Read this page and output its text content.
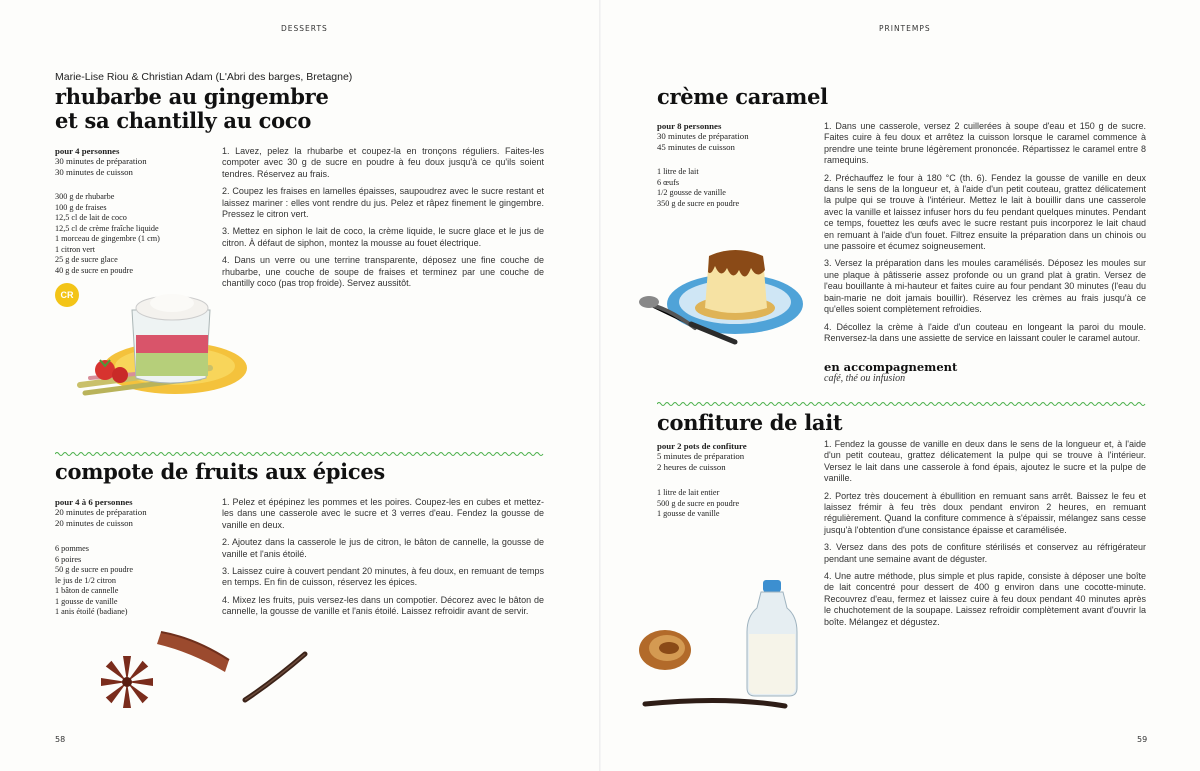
DESSERTS
Marie-Lise Riou & Christian Adam (L'Abri des barges, Bretagne)
rhubarbe au gingembre
et sa chantilly au coco
pour 4 personnes
30 minutes de préparation
30 minutes de cuisson
300 g de rhubarbe
100 g de fraises
12,5 cl de lait de coco
12,5 cl de crème fraîche liquide
1 morceau de gingembre (1 cm)
1 citron vert
25 g de sucre glace
40 g de sucre en poudre
CR

1. Lavez, pelez la rhubarbe et coupez-la en tronçons réguliers. Faites-les compoter avec 30 g de sucre en poudre à feu doux jusqu'à ce qu'ils soient tendres. Réservez au frais.

2. Coupez les fraises en lamelles épaisses, saupoudrez avec le sucre restant et laissez mariner : elles vont rendre du jus. Pelez et râpez finement le gingembre. Pressez le citron vert.

3. Mettez en siphon le lait de coco, la crème liquide, le sucre glace et le jus de citron. À défaut de siphon, montez la mousse au fouet électrique.

4. Dans un verre ou une terrine transparente, déposez une fine couche de rhubarbe, une couche de soupe de fraises et terminez par une couche de chantilly coco (pas trop froide). Servez aussitôt.

compote de fruits aux épices
pour 4 à 6 personnes
20 minutes de préparation
20 minutes de cuisson
6 pommes
6 poires
50 g de sucre en poudre
le jus de 1/2 citron
1 bâton de cannelle
1 gousse de vanille
1 anis étoilé (badiane)

1. Pelez et épépinez les pommes et les poires. Coupez-les en cubes et mettez-les dans une casserole avec le sucre et 3 verres d'eau. Fendez la gousse de vanille en deux.

2. Ajoutez dans la casserole le jus de citron, le bâton de cannelle, la gousse de vanille et l'anis étoilé.

3. Laissez cuire à couvert pendant 20 minutes, à feu doux, en remuant de temps en temps. En fin de cuisson, réservez les épices.

4. Mixez les fruits, puis versez-les dans un compotier. Décorez avec le bâton de cannelle, la gousse de vanille et l'anis étoilé. Laissez refroidir avant de servir.

58
PRINTEMPS
crème caramel
pour 8 personnes
30 minutes de préparation
45 minutes de cuisson
1 litre de lait
6 œufs
1/2 gousse de vanille
350 g de sucre en poudre

1. Dans une casserole, versez 2 cuillerées à soupe d'eau et 150 g de sucre. Faites cuire à feu doux et arrêtez la cuisson lorsque le caramel commence à prendre une teinte brune légèrement prononcée. Répartissez le caramel entre 8 ramequins.

2. Préchauffez le four à 180 °C (th. 6). Fendez la gousse de vanille en deux dans le sens de la longueur et, à l'aide d'un petit couteau, grattez délicatement la pulpe qui se trouve à l'intérieur. Mettez le lait à bouillir dans une casserole avec la vanille et laissez infuser hors du feu pendant quelques minutes. Pendant ce temps, fouettez les œufs avec le sucre restant puis incorporez le lait chaud en remuant à l'aide d'un fouet. Filtrez ensuite la préparation dans un chinois ou une passoire et écumez soigneusement.

3. Versez la préparation dans les moules caramélisés. Déposez les moules sur une plaque à pâtisserie assez profonde ou un grand plat à gratin. Versez de l'eau bouillante à mi-hauteur et faites cuire au four pendant 30 minutes (l'eau du bain-marie ne doit jamais bouillir). Réservez les crèmes au frais jusqu'à ce qu'elles soient complètement refroidies.

4. Décollez la crème à l'aide d'un couteau en longeant la paroi du moule. Renversez-la dans une assiette de service en laissant couler le caramel autour.

en accompagnement
café, thé ou infusion
confiture de lait
pour 2 pots de confiture
5 minutes de préparation
2 heures de cuisson
1 litre de lait entier
500 g de sucre en poudre
1 gousse de vanille

1. Fendez la gousse de vanille en deux dans le sens de la longueur et, à l'aide d'un petit couteau, grattez délicatement la pulpe qui se trouve à l'intérieur. Versez le lait dans une casserole à fond épais, ajoutez le sucre et la pulpe de vanille.

2. Portez très doucement à ébullition en remuant sans arrêt. Baissez le feu et laissez frémir à feu très doux pendant environ 2 heures, en remuant régulièrement. Quand la confiture commence à s'épaissir, mélangez sans cesse jusqu'à l'obtention d'une consistance épaisse et caramélisée.

3. Versez dans des pots de confiture stérilisés et conservez au réfrigérateur pendant une semaine avant de déguster.

4. Une autre méthode, plus simple et plus rapide, consiste à déposer une boîte de lait concentré pour dessert de 400 g environ dans une cocotte-minute. Recouvrez d'eau, fermez et laissez cuire à feu doux pendant 40 minutes après le chuchotement de la soupape. Laissez refroidir complètement avant d'ouvrir la boîte. Mélangez et dégustez.

59
